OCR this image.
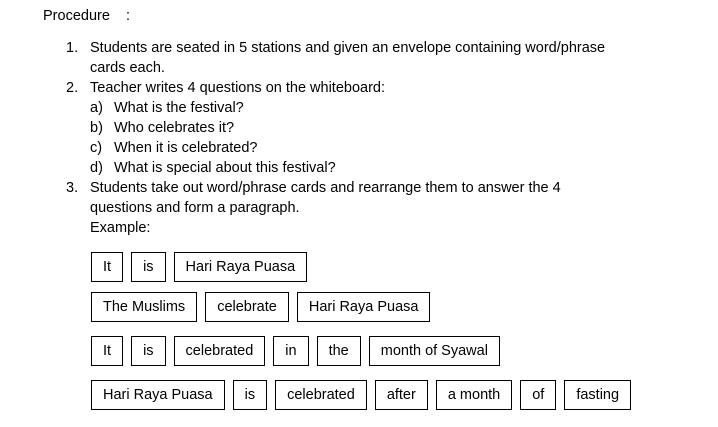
Procedure    :
1. Students are seated in 5 stations and given an envelope containing word/phrase
cards each.
2. Teacher writes 4 questions on the whiteboard:
a) What is the festival?
b) Who celebrates it?
c) When it is celebrated?
d) What is special about this festival?
3. Students take out word/phrase cards and rearrange them to answer the 4
questions and form a paragraph.
Example:
It	is	Hari Raya Puasa
The Muslims	celebrate	Hari Raya Puasa
It	is	celebrated	in	the	month of Syawal
Hari Raya Puasa	is	celebrated	after	a month	of	fasting
